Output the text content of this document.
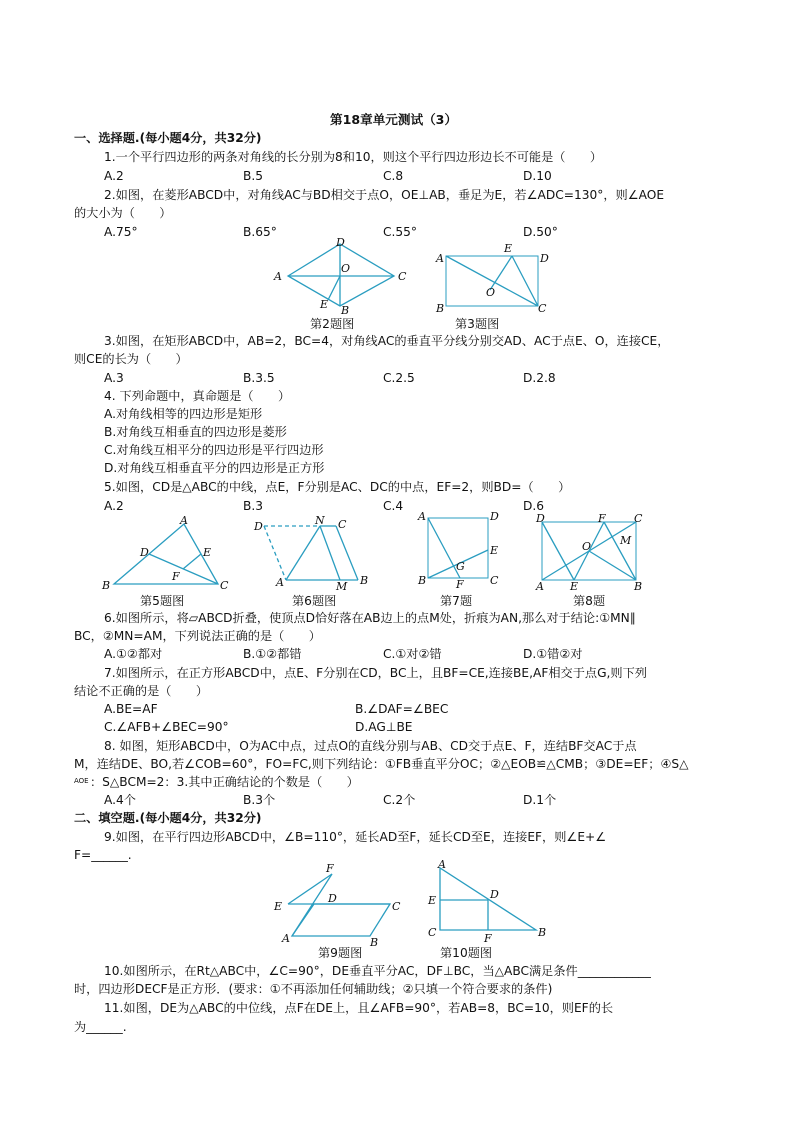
第18章单元测试（3）
一、选择题.(每小题4分，共32分)
1.一个平行四边形的两条对角线的长分别为8和10，则这个平行四边形边长不可能是（　　）
A.2	B.5	C.8	D.10
2.如图，在菱形ABCD中，对角线AC与BD相交于点O，OE⊥AB，垂足为E，若∠ADC=130°，则∠AOE
的大小为（　　）
A.75°	B.65°	C.55°	D.50°
A
B
C
D
O
E
第2题图
A
B	C
D
E
O
第3题图
3.如图，在矩形ABCD中，AB=2，BC=4，对角线AC的垂直平分线分别交AD、AC于点E、O，连接CE，
则CE的长为（　　）
A.3	B.3.5	C.2.5	D.2.8
4. 下列命题中，真命题是（　　）
A.对角线相等的四边形是矩形
B.对角线互相垂直的四边形是菱形
C.对角线互相平分的四边形是平行四边形
D.对角线互相垂直平分的四边形是正方形
5.如图，CD是△ABC的中线，点E，F分别是AC、DC的中点，EF=2，则BD=（　　）
A.2	B.3	C.4	D.6
A
B	C
D	E
F
第5题图
D	N C
A	M B
第6题图
A	D
E
G
B	F C
第7题
D	F	C
O	M
A E	B
第8题
6.如图所示，将▱ABCD折叠，使顶点D恰好落在AB边上的点M处，折痕为AN,那么对于结论:①MN∥
BC，②MN=AM，下列说法正确的是（　　）
A.①②都对	B.①②都错	C.①对②错	D.①错②对
7.如图所示，在正方形ABCD中，点E、F分别在CD，BC上，且BF=CE,连接BE,AF相交于点G,则下列
结论不正确的是（　　）
A.BE=AF	B.∠DAF=∠BEC
C.∠AFB+∠BEC=90°	D.AG⊥BE
8. 如图，矩形ABCD中，O为AC中点，过点O的直线分别与AB、CD交于点E、F，连结BF交AC于点
M，连结DE、BO,若∠COB=60°，FO=FC,则下列结论：①FB垂直平分OC；②△EOB≌△CMB；③DE=EF；④S△
AOE ：S△BCM=2：3.其中正确结论的个数是（　　）
A.4个	B.3个	C.2个	D.1个
二、填空题.(每小题4分，共32分)
9.如图，在平行四边形ABCD中，∠B=110°，延长AD至F，延长CD至E，连接EF，则∠E+∠
F=______.
F
D
E	C
A	B
第9题图
A
E	D
C	F	B
第10题图
10.如图所示，在Rt△ABC中，∠C=90°，DE垂直平分AC，DF⊥BC，当△ABC满足条件____________
时，四边形DECF是正方形．(要求：①不再添加任何辅助线；②只填一个符合要求的条件)
11.如图，DE为△ABC的中位线，点F在DE上，且∠AFB=90°，若AB=8，BC=10，则EF的长
为______.
